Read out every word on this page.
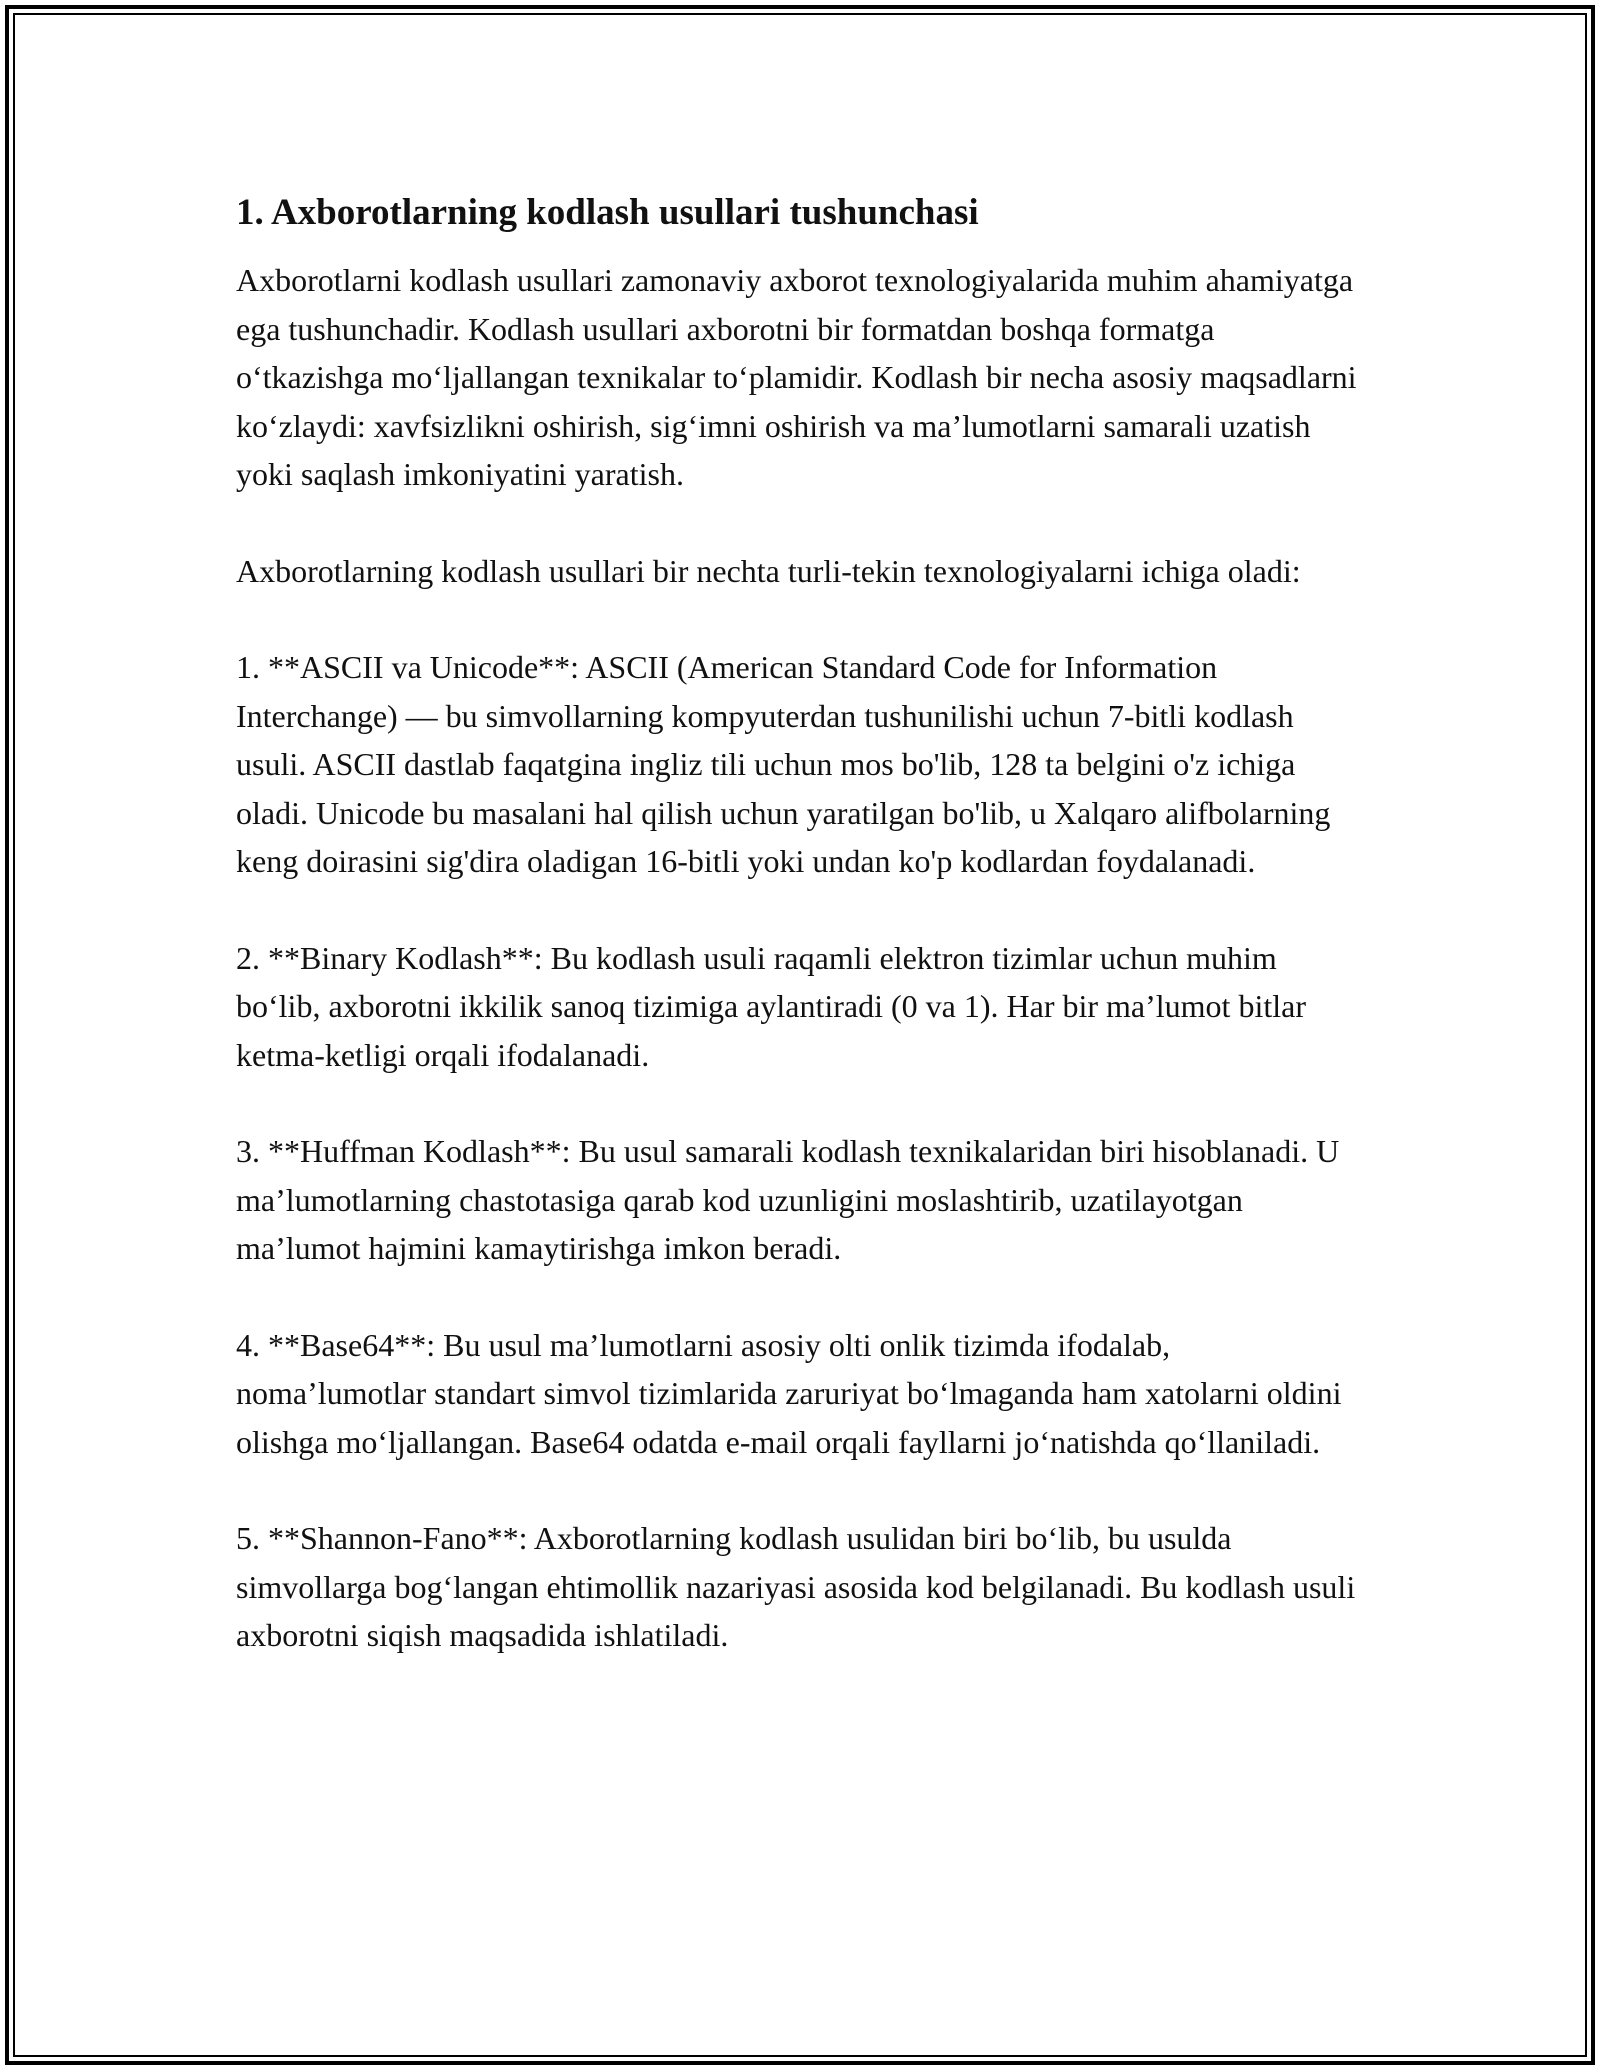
1. Axborotlarning kodlash usullari tushunchasi

Axborotlarni kodlash usullari zamonaviy axborot texnologiyalarida muhim ahamiyatga ega tushunchadir. Kodlash usullari axborotni bir formatdan boshqa formatga o‘tkazishga mo‘ljallangan texnikalar to‘plamidir. Kodlash bir necha asosiy maqsadlarni ko‘zlaydi: xavfsizlikni oshirish, sig‘imni oshirish va ma’lumotlarni samarali uzatish yoki saqlash imkoniyatini yaratish.

Axborotlarning kodlash usullari bir nechta turli-tekin texnologiyalarni ichiga oladi:

1. **ASCII va Unicode**: ASCII (American Standard Code for Information Interchange) — bu simvollarning kompyuterdan tushunilishi uchun 7-bitli kodlash usuli. ASCII dastlab faqatgina ingliz tili uchun mos bo'lib, 128 ta belgini o'z ichiga oladi. Unicode bu masalani hal qilish uchun yaratilgan bo'lib, u Xalqaro alifbolarning keng doirasini sig'dira oladigan 16-bitli yoki undan ko'p kodlardan foydalanadi.

2. **Binary Kodlash**: Bu kodlash usuli raqamli elektron tizimlar uchun muhim bo‘lib, axborotni ikkilik sanoq tizimiga aylantiradi (0 va 1). Har bir ma’lumot bitlar ketma-ketligi orqali ifodalanadi.

3. **Huffman Kodlash**: Bu usul samarali kodlash texnikalaridan biri hisoblanadi. U ma’lumotlarning chastotasiga qarab kod uzunligini moslashtirib, uzatilayotgan ma’lumot hajmini kamaytirishga imkon beradi.

4. **Base64**: Bu usul ma’lumotlarni asosiy olti onlik tizimda ifodalab, noma’lumotlar standart simvol tizimlarida zaruriyat bo‘lmaganda ham xatolarni oldini olishga mo‘ljallangan. Base64 odatda e-mail orqali fayllarni jo‘natishda qo‘llaniladi.

5. **Shannon-Fano**: Axborotlarning kodlash usulidan biri bo‘lib, bu usulda simvollarga bog‘langan ehtimollik nazariyasi asosida kod belgilanadi. Bu kodlash usuli axborotni siqish maqsadida ishlatiladi.
